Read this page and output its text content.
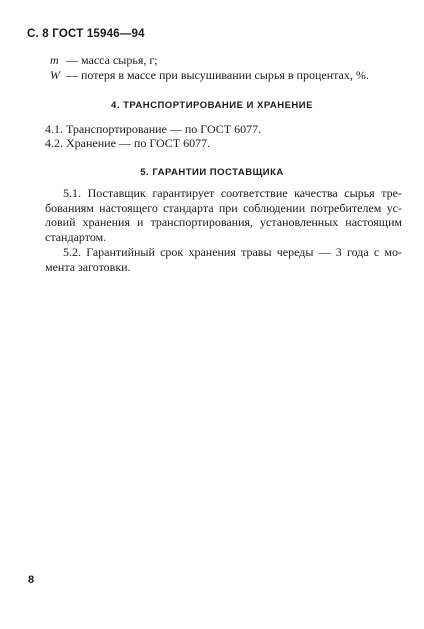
С. 8 ГОСТ 15946—94
m — масса сырья, г;
W — потеря в массе при высушивании сырья в процентах, %.
4. ТРАНСПОРТИРОВАНИЕ И ХРАНЕНИЕ
4.1. Транспортирование — по ГОСТ 6077.
4.2. Хранение — по ГОСТ 6077.
5. ГАРАНТИИ ПОСТАВЩИКА
5.1. Поставщик гарантирует соответствие качества сырья тре-
бованиям настоящего стандарта при соблюдении потребителем ус-
ловий хранения и транспортирования, установленных настоящим
стандартом.
5.2. Гарантийный срок хранения травы череды — 3 года с мо-
мента заготовки.
8
